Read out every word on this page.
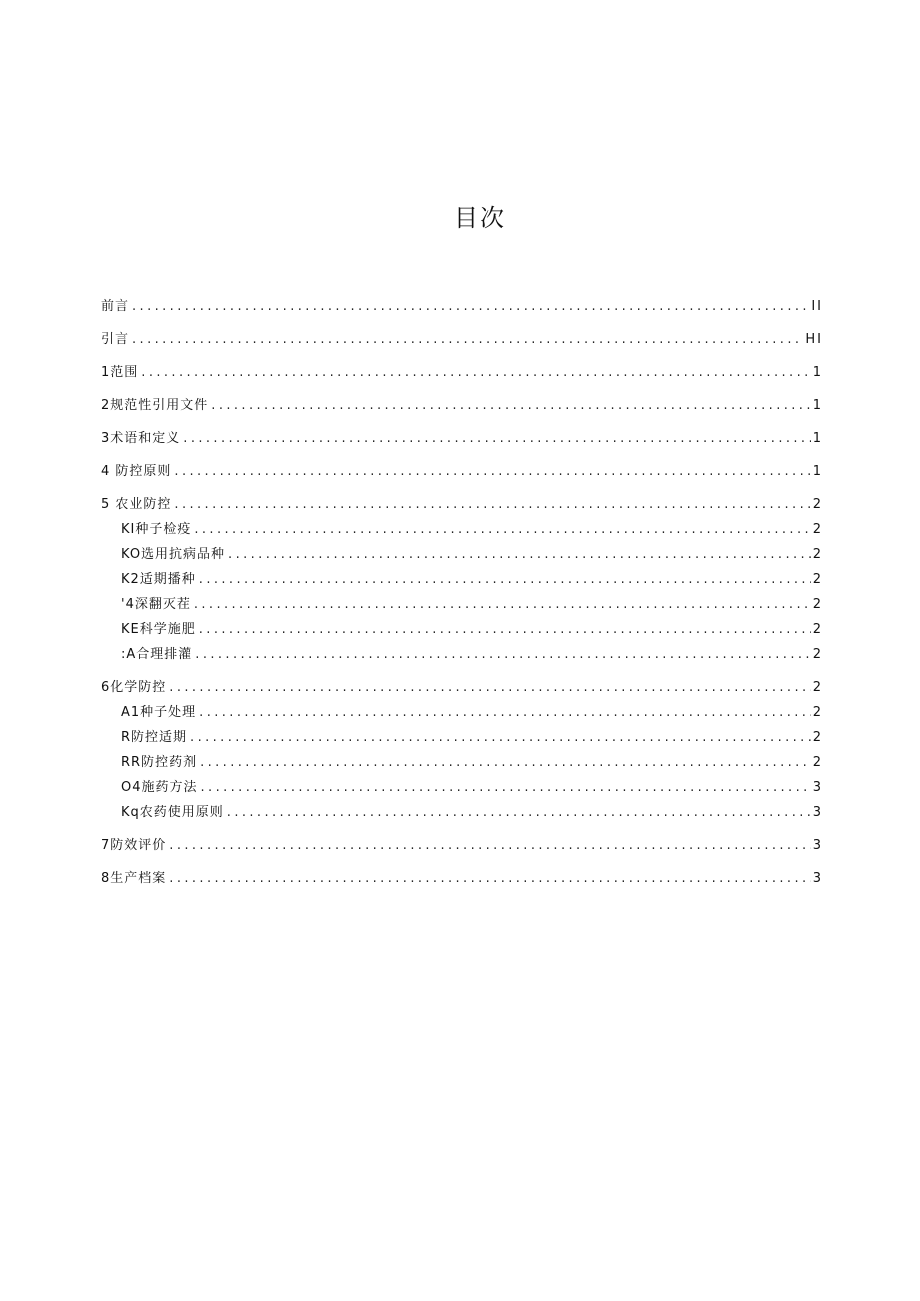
目次
前言 .....	II
引言 .....	HI
1范围 .....	1
2规范性引用文件 .....	1
3术语和定义 .....	1
4 防控原则 .....	1
5 农业防控 .....	2
KI种子检疫 .....	2
KO选用抗病品种 .....	2
K2适期播种 .....	2
'4深翻灭茬 .....	2
KE科学施肥 .....	2
:A合理排灌 .....	2
6化学防控 .....	2
A1种子处理 .....	2
R防控适期 .....	2
RR防控药剂 .....	2
O4施药方法 .....	3
Kq农药使用原则 .....	3
7防效评价 .....	3
8生产档案 .....	3
